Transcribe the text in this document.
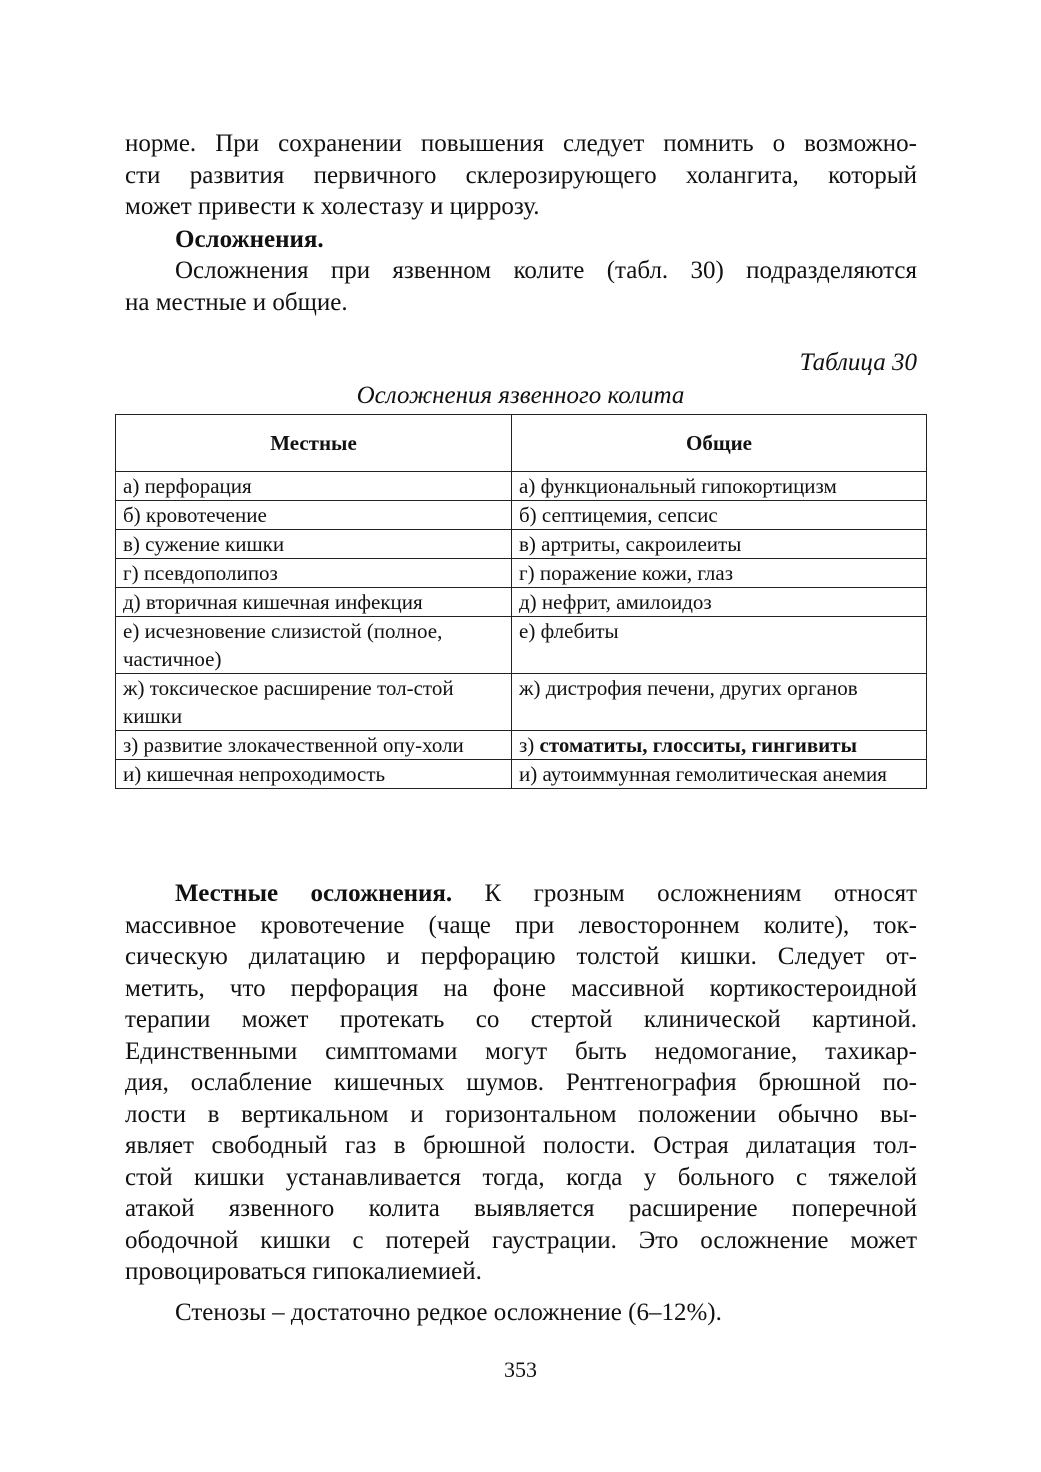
норме. При сохранении повышения следует помнить о возможно-
сти развития первичного склерозирующего холангита, который
может привести к холестазу и циррозу.

Осложнения.

Осложнения при язвенном колите (табл. 30) подразделяются
на местные и общие.

Таблица 30

Осложнения язвенного колита

Местные	Общие
а) перфорация	а) функциональный гипокортицизм
б) кровотечение	б) септицемия, сепсис
в) сужение кишки	в) артриты, сакроилеиты
г) псевдополипоз	г) поражение кожи, глаз
д) вторичная кишечная инфекция	д) нефрит, амилоидоз
е) исчезновение слизистой (полное, частичное)	е) флебиты
ж) токсическое расширение тол-стой кишки	ж) дистрофия печени, других органов
з) развитие злокачественной опу-холи	з) стоматиты, глосситы, гингивиты
и) кишечная непроходимость	и) аутоиммунная гемолитическая анемия

Местные осложнения. К грозным осложнениям относят
массивное кровотечение (чаще при левостороннем колите), ток-
сическую дилатацию и перфорацию толстой кишки. Следует от-
метить, что перфорация на фоне массивной кортикостероидной
терапии может протекать со стертой клинической картиной.
Единственными симптомами могут быть недомогание, тахикар-
дия, ослабление кишечных шумов. Рентгенография брюшной по-
лости в вертикальном и горизонтальном положении обычно вы-
являет свободный газ в брюшной полости. Острая дилатация тол-
стой кишки устанавливается тогда, когда у больного с тяжелой
атакой язвенного колита выявляется расширение поперечной
ободочной кишки с потерей гаустрации. Это осложнение может
провоцироваться гипокалиемией.

Стенозы – достаточно редкое осложнение (6–12%).

353
